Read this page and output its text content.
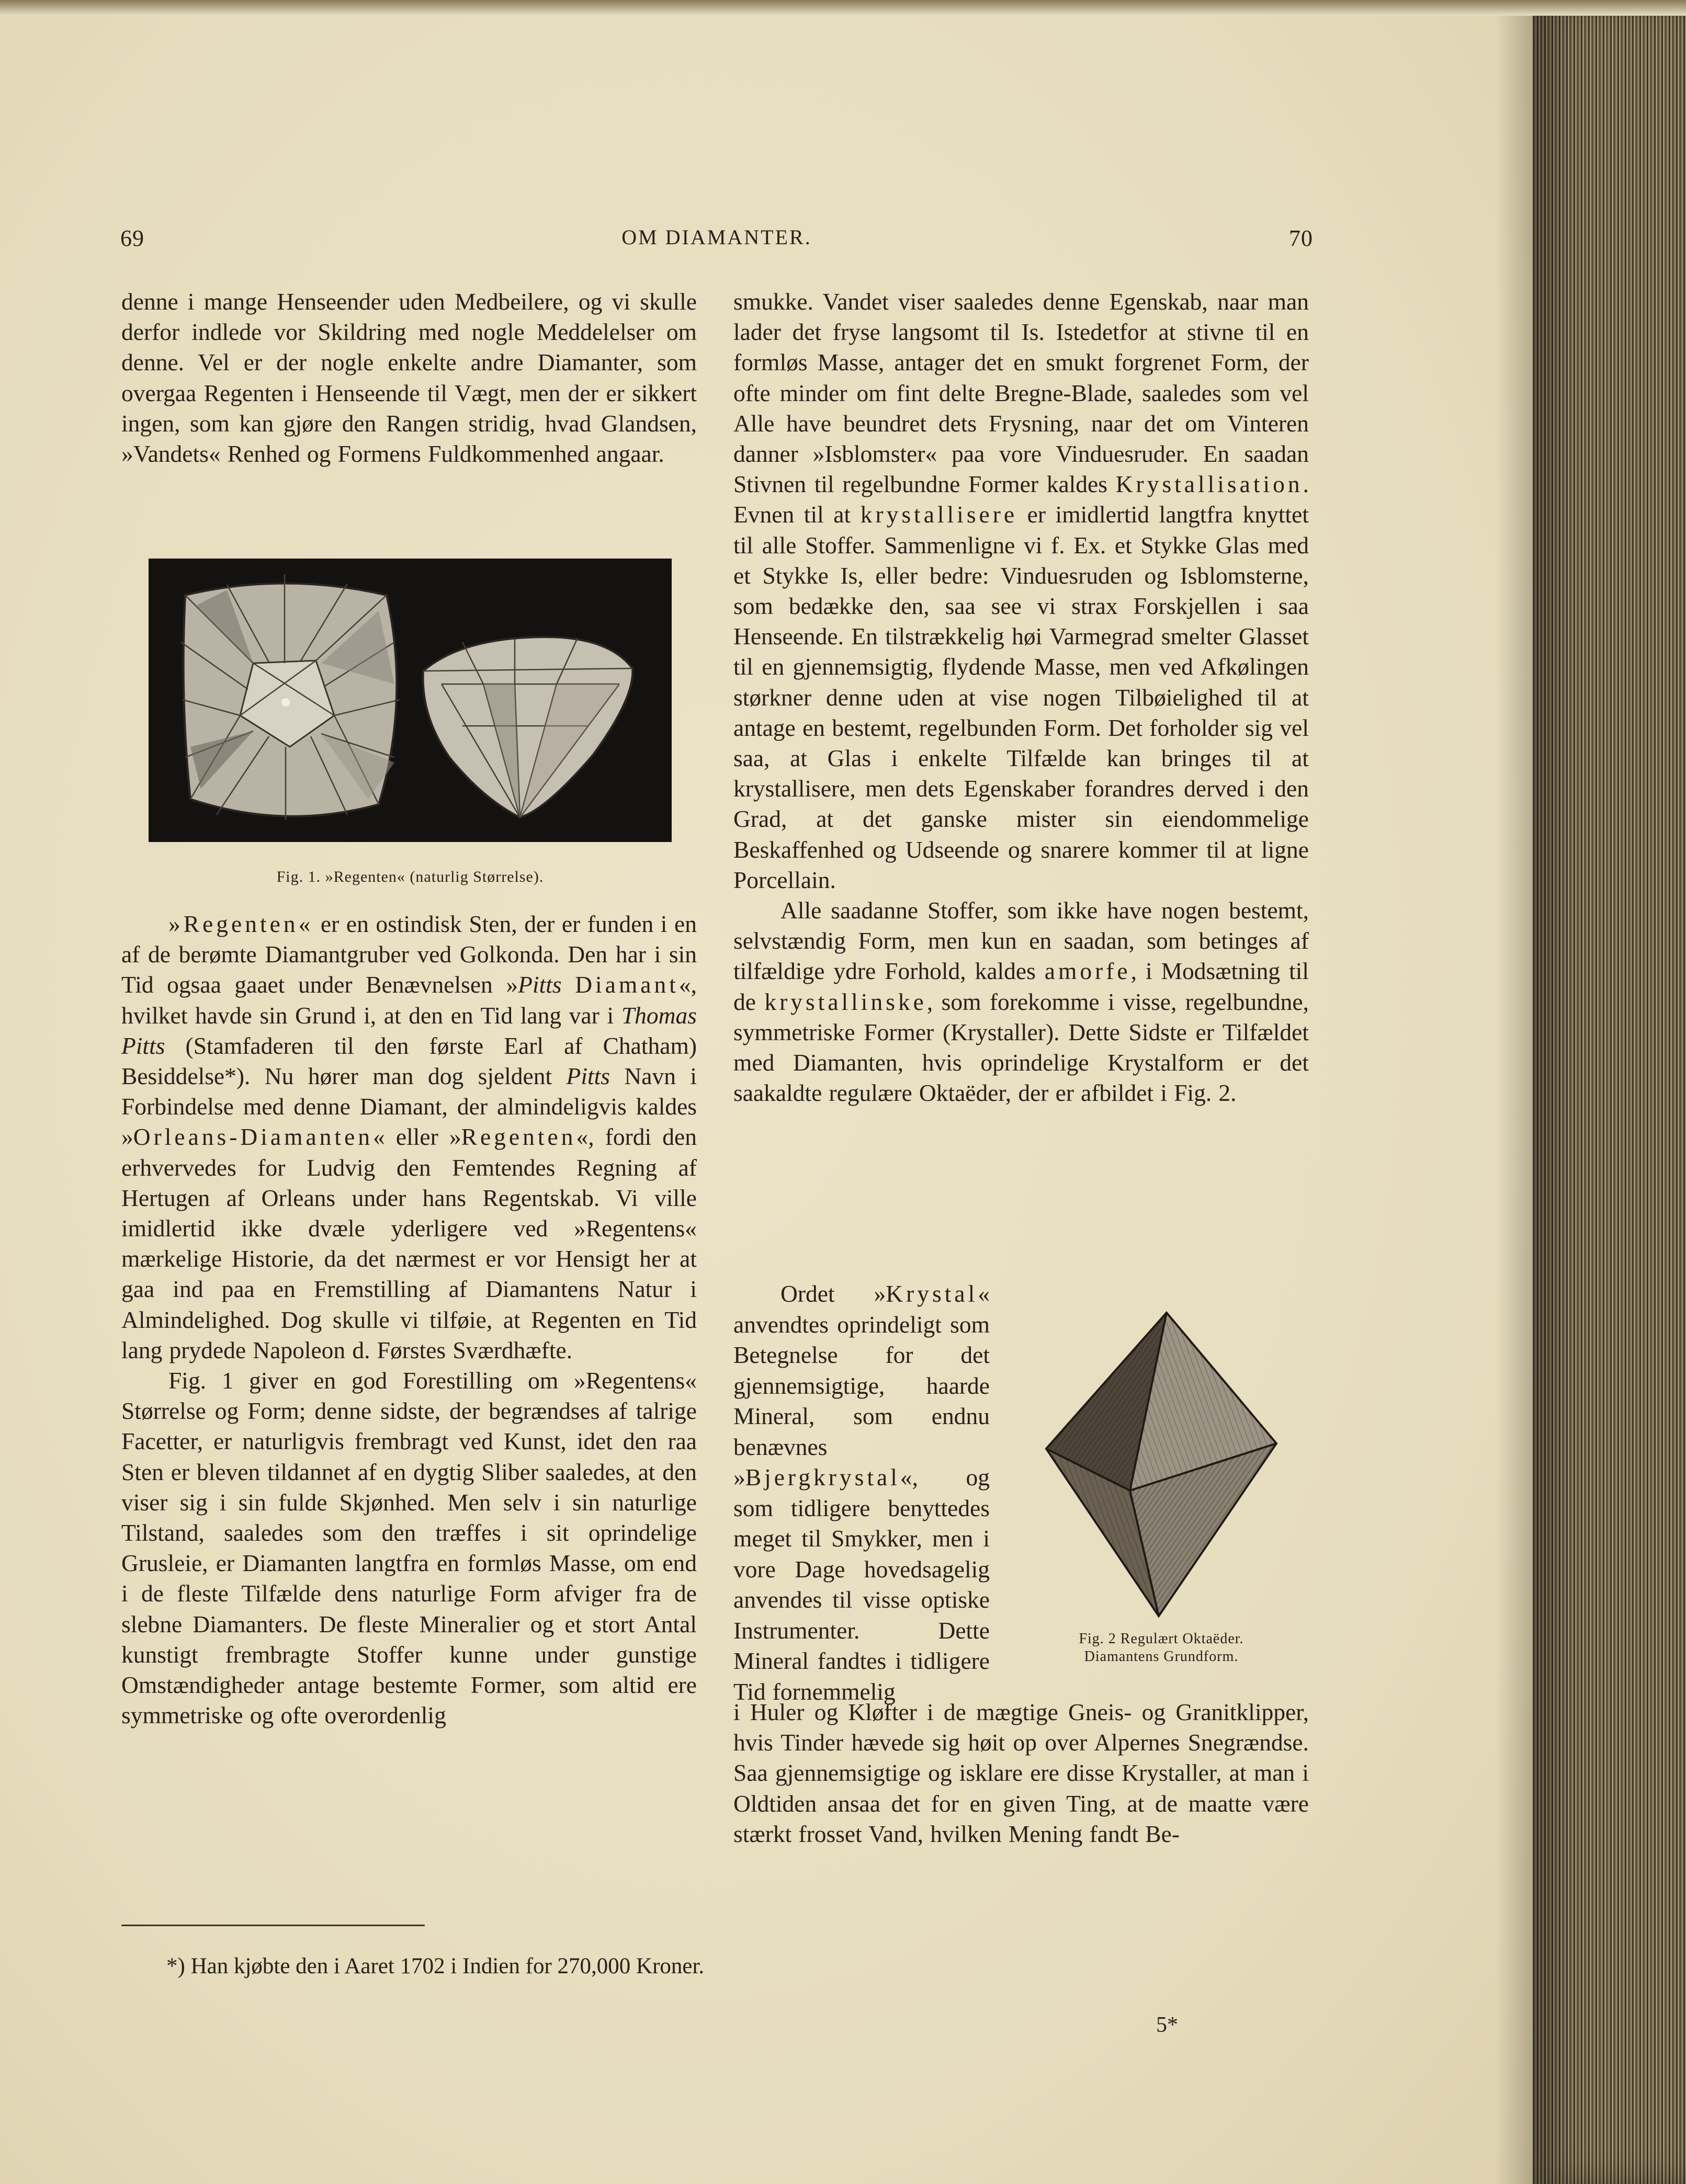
69	OM DIAMANTER.	70

denne i mange Henseender uden Medbeilere, og vi skulle derfor indlede vor Skildring med nogle Meddelelser om denne. Vel er der nogle enkelte andre Diamanter, som overgaa Regenten i Henseende til Vægt, men der er sikkert ingen, som kan gjøre den Rangen stridig, hvad Glandsen, »Vandets« Renhed og Formens Fuldkommenhed angaar.

Fig. 1. »Regenten« (naturlig Størrelse).

»Regenten« er en ostindisk Sten, der er funden i en af de berømte Diamantgruber ved Golkonda. Den har i sin Tid ogsaa gaaet under Benævnelsen »Pitts Diamant«, hvilket havde sin Grund i, at den en Tid lang var i Thomas Pitts (Stamfaderen til den første Earl af Chatham) Besiddelse*). Nu hører man dog sjeldent Pitts Navn i Forbindelse med denne Diamant, der almindeligvis kaldes »Orleans-Diamanten« eller »Regenten«, fordi den erhvervedes for Ludvig den Femtendes Regning af Hertugen af Orleans under hans Regentskab. Vi ville imidlertid ikke dvæle yderligere ved »Regentens« mærkelige Historie, da det nærmest er vor Hensigt her at gaa ind paa en Fremstilling af Diamantens Natur i Almindelighed. Dog skulle vi tilføie, at Regenten en Tid lang prydede Napoleon d. Førstes Sværdhæfte.

Fig. 1 giver en god Forestilling om »Regentens« Størrelse og Form; denne sidste, der begrændses af talrige Facetter, er naturligvis frembragt ved Kunst, idet den raa Sten er bleven tildannet af en dygtig Sliber saaledes, at den viser sig i sin fulde Skjønhed. Men selv i sin naturlige Tilstand, saaledes som den træffes i sit oprindelige Grusleie, er Diamanten langtfra en formløs Masse, om end i de fleste Tilfælde dens naturlige Form afviger fra de slebne Diamanters. De fleste Mineralier og et stort Antal kunstigt frembragte Stoffer kunne under gunstige Omstændigheder antage bestemte Former, som altid ere symmetriske og ofte overordenlig

smukke. Vandet viser saaledes denne Egenskab, naar man lader det fryse langsomt til Is. Istedetfor at stivne til en formløs Masse, antager det en smukt forgrenet Form, der ofte minder om fint delte Bregne-Blade, saaledes som vel Alle have beundret dets Frysning, naar det om Vinteren danner »Isblomster« paa vore Vinduesruder. En saadan Stivnen til regelbundne Former kaldes Krystallisation. Evnen til at krystallisere er imidlertid langtfra knyttet til alle Stoffer. Sammenligne vi f. Ex. et Stykke Glas med et Stykke Is, eller bedre: Vinduesruden og Isblomsterne, som bedække den, saa see vi strax Forskjellen i saa Henseende. En tilstrækkelig høi Varmegrad smelter Glasset til en gjennemsigtig, flydende Masse, men ved Afkølingen størkner denne uden at vise nogen Tilbøielighed til at antage en bestemt, regelbunden Form. Det forholder sig vel saa, at Glas i enkelte Tilfælde kan bringes til at krystallisere, men dets Egenskaber forandres derved i den Grad, at det ganske mister sin eiendommelige Beskaffenhed og Udseende og snarere kommer til at ligne Porcellain.

Alle saadanne Stoffer, som ikke have nogen bestemt, selvstændig Form, men kun en saadan, som betinges af tilfældige ydre Forhold, kaldes amorfe, i Modsætning til de krystallinske, som forekomme i visse, regelbundne, symmetriske Former (Krystaller). Dette Sidste er Tilfældet med Diamanten, hvis oprindelige Krystalform er det saakaldte regulære Oktaëder, der er afbildet i Fig. 2.

Ordet »Krystal« anvendtes oprindeligt som Betegnelse for det gjennemsigtige, haarde Mineral, som endnu benævnes »Bjergkrystal«, og som tidligere benyttedes meget til Smykker, men i vore Dage hovedsagelig anvendes til visse optiske Instrumenter. Dette Mineral fandtes i tidligere Tid fornemmelig

Fig. 2 Regulært Oktaëder.
Diamantens Grundform.

i Huler og Kløfter i de mægtige Gneis- og Granitklipper, hvis Tinder hævede sig høit op over Alpernes Snegrændse. Saa gjennemsigtige og isklare ere disse Krystaller, at man i Oldtiden ansaa det for en given Ting, at de maatte være stærkt frosset Vand, hvilken Mening fandt Be-

*) Han kjøbte den i Aaret 1702 i Indien for 270,000 Kroner.
5*
